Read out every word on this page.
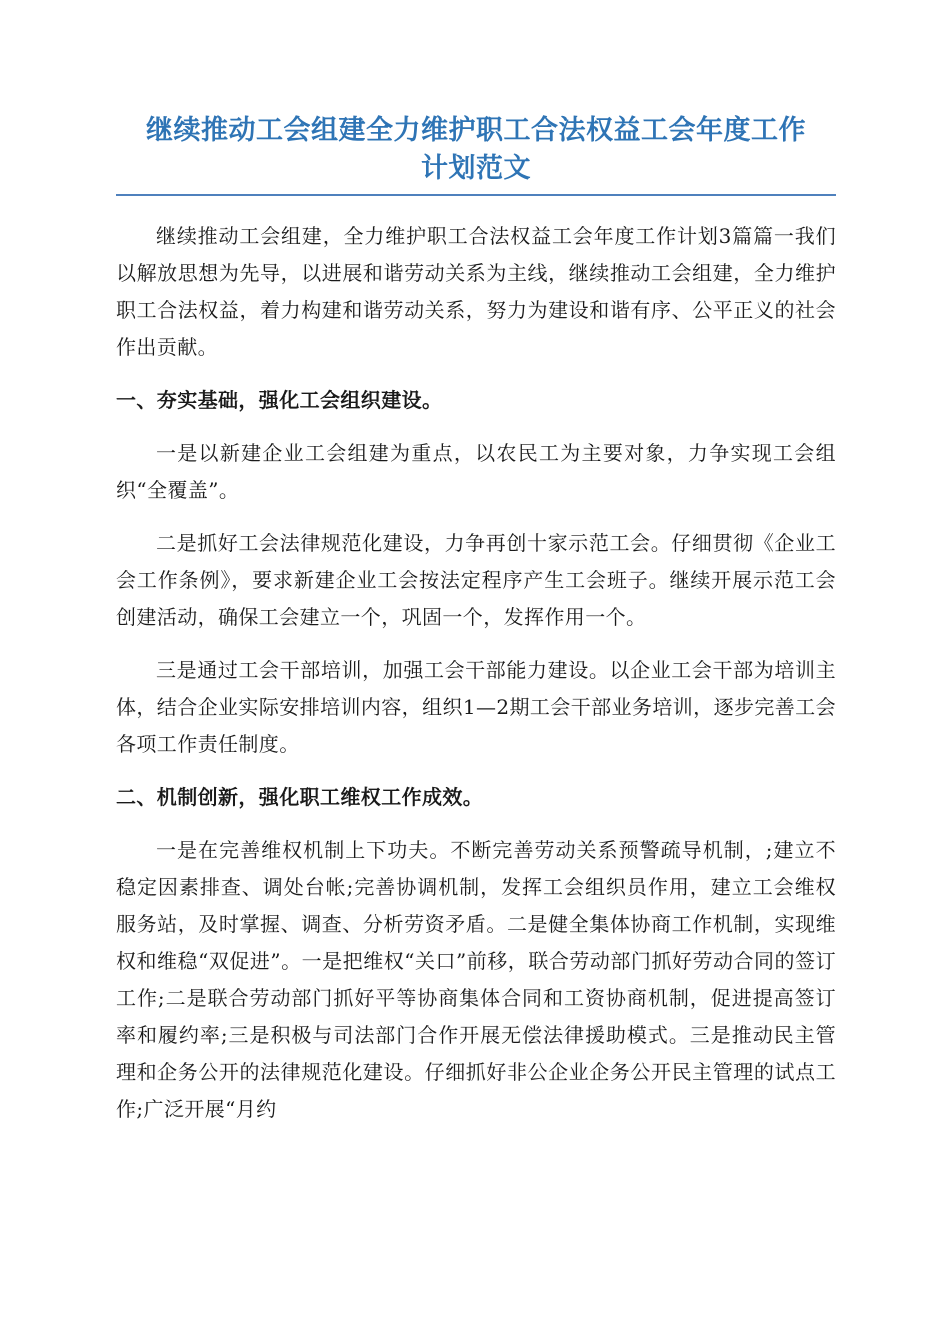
继续推动工会组建全力维护职工合法权益工会年度工作
计划范文

继续推动工会组建，全力维护职工合法权益工会年度工作计划3篇篇一我们以解放思想为先导，以进展和谐劳动关系为主线，继续推动工会组建，全力维护职工合法权益，着力构建和谐劳动关系，努力为建设和谐有序、公平正义的社会作出贡献。

一、夯实基础，强化工会组织建设。

一是以新建企业工会组建为重点，以农民工为主要对象，力争实现工会组织“全覆盖”。

二是抓好工会法律规范化建设，力争再创十家示范工会。仔细贯彻《企业工会工作条例》，要求新建企业工会按法定程序产生工会班子。继续开展示范工会创建活动，确保工会建立一个，巩固一个，发挥作用一个。

三是通过工会干部培训，加强工会干部能力建设。以企业工会干部为培训主体，结合企业实际安排培训内容，组织1—2期工会干部业务培训，逐步完善工会各项工作责任制度。

二、机制创新，强化职工维权工作成效。

一是在完善维权机制上下功夫。不断完善劳动关系预警疏导机制，;建立不稳定因素排查、调处台帐;完善协调机制，发挥工会组织员作用，建立工会维权服务站，及时掌握、调查、分析劳资矛盾。二是健全集体协商工作机制，实现维权和维稳“双促进”。一是把维权“关口”前移，联合劳动部门抓好劳动合同的签订工作;二是联合劳动部门抓好平等协商集体合同和工资协商机制，促进提高签订率和履约率;三是积极与司法部门合作开展无偿法律援助模式。三是推动民主管理和企务公开的法律规范化建设。仔细抓好非公企业企务公开民主管理的试点工作;广泛开展“月约
